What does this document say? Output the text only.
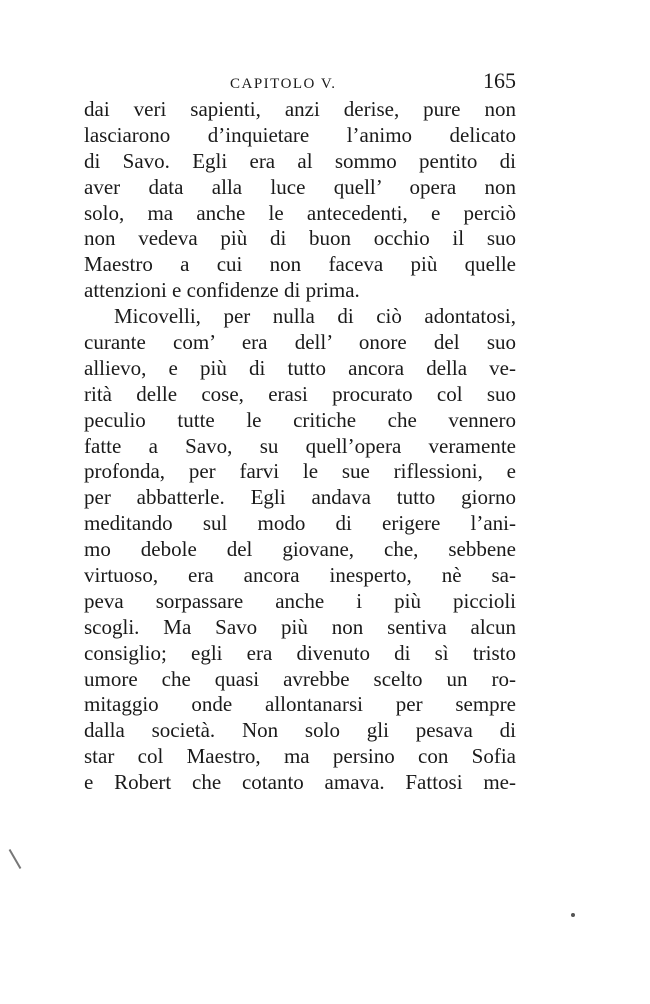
CAPITOLO V.	165
dai veri sapienti, anzi derise, pure non
lasciarono d’inquietare l’animo delicato
di Savo. Egli era al sommo pentito di
aver data alla luce quell’ opera non
solo, ma anche le antecedenti, e perciò
non vedeva più di buon occhio il suo
Maestro a cui non faceva più quelle
attenzioni e confidenze di prima.
Micovelli, per nulla di ciò adontatosi,
curante com’ era dell’ onore del suo
allievo, e più di tutto ancora della ve-
rità delle cose, erasi procurato col suo
peculio tutte le critiche che vennero
fatte a Savo, su quell’opera veramente
profonda, per farvi le sue riflessioni, e
per abbatterle. Egli andava tutto giorno
meditando sul modo di erigere l’ani-
mo debole del giovane, che, sebbene
virtuoso, era ancora inesperto, nè sa-
peva sorpassare anche i più piccioli
scogli. Ma Savo più non sentiva alcun
consiglio; egli era divenuto di sì tristo
umore che quasi avrebbe scelto un ro-
mitaggio onde allontanarsi per sempre
dalla società. Non solo gli pesava di
star col Maestro, ma persino con Sofia
e Robert che cotanto amava. Fattosi me-
